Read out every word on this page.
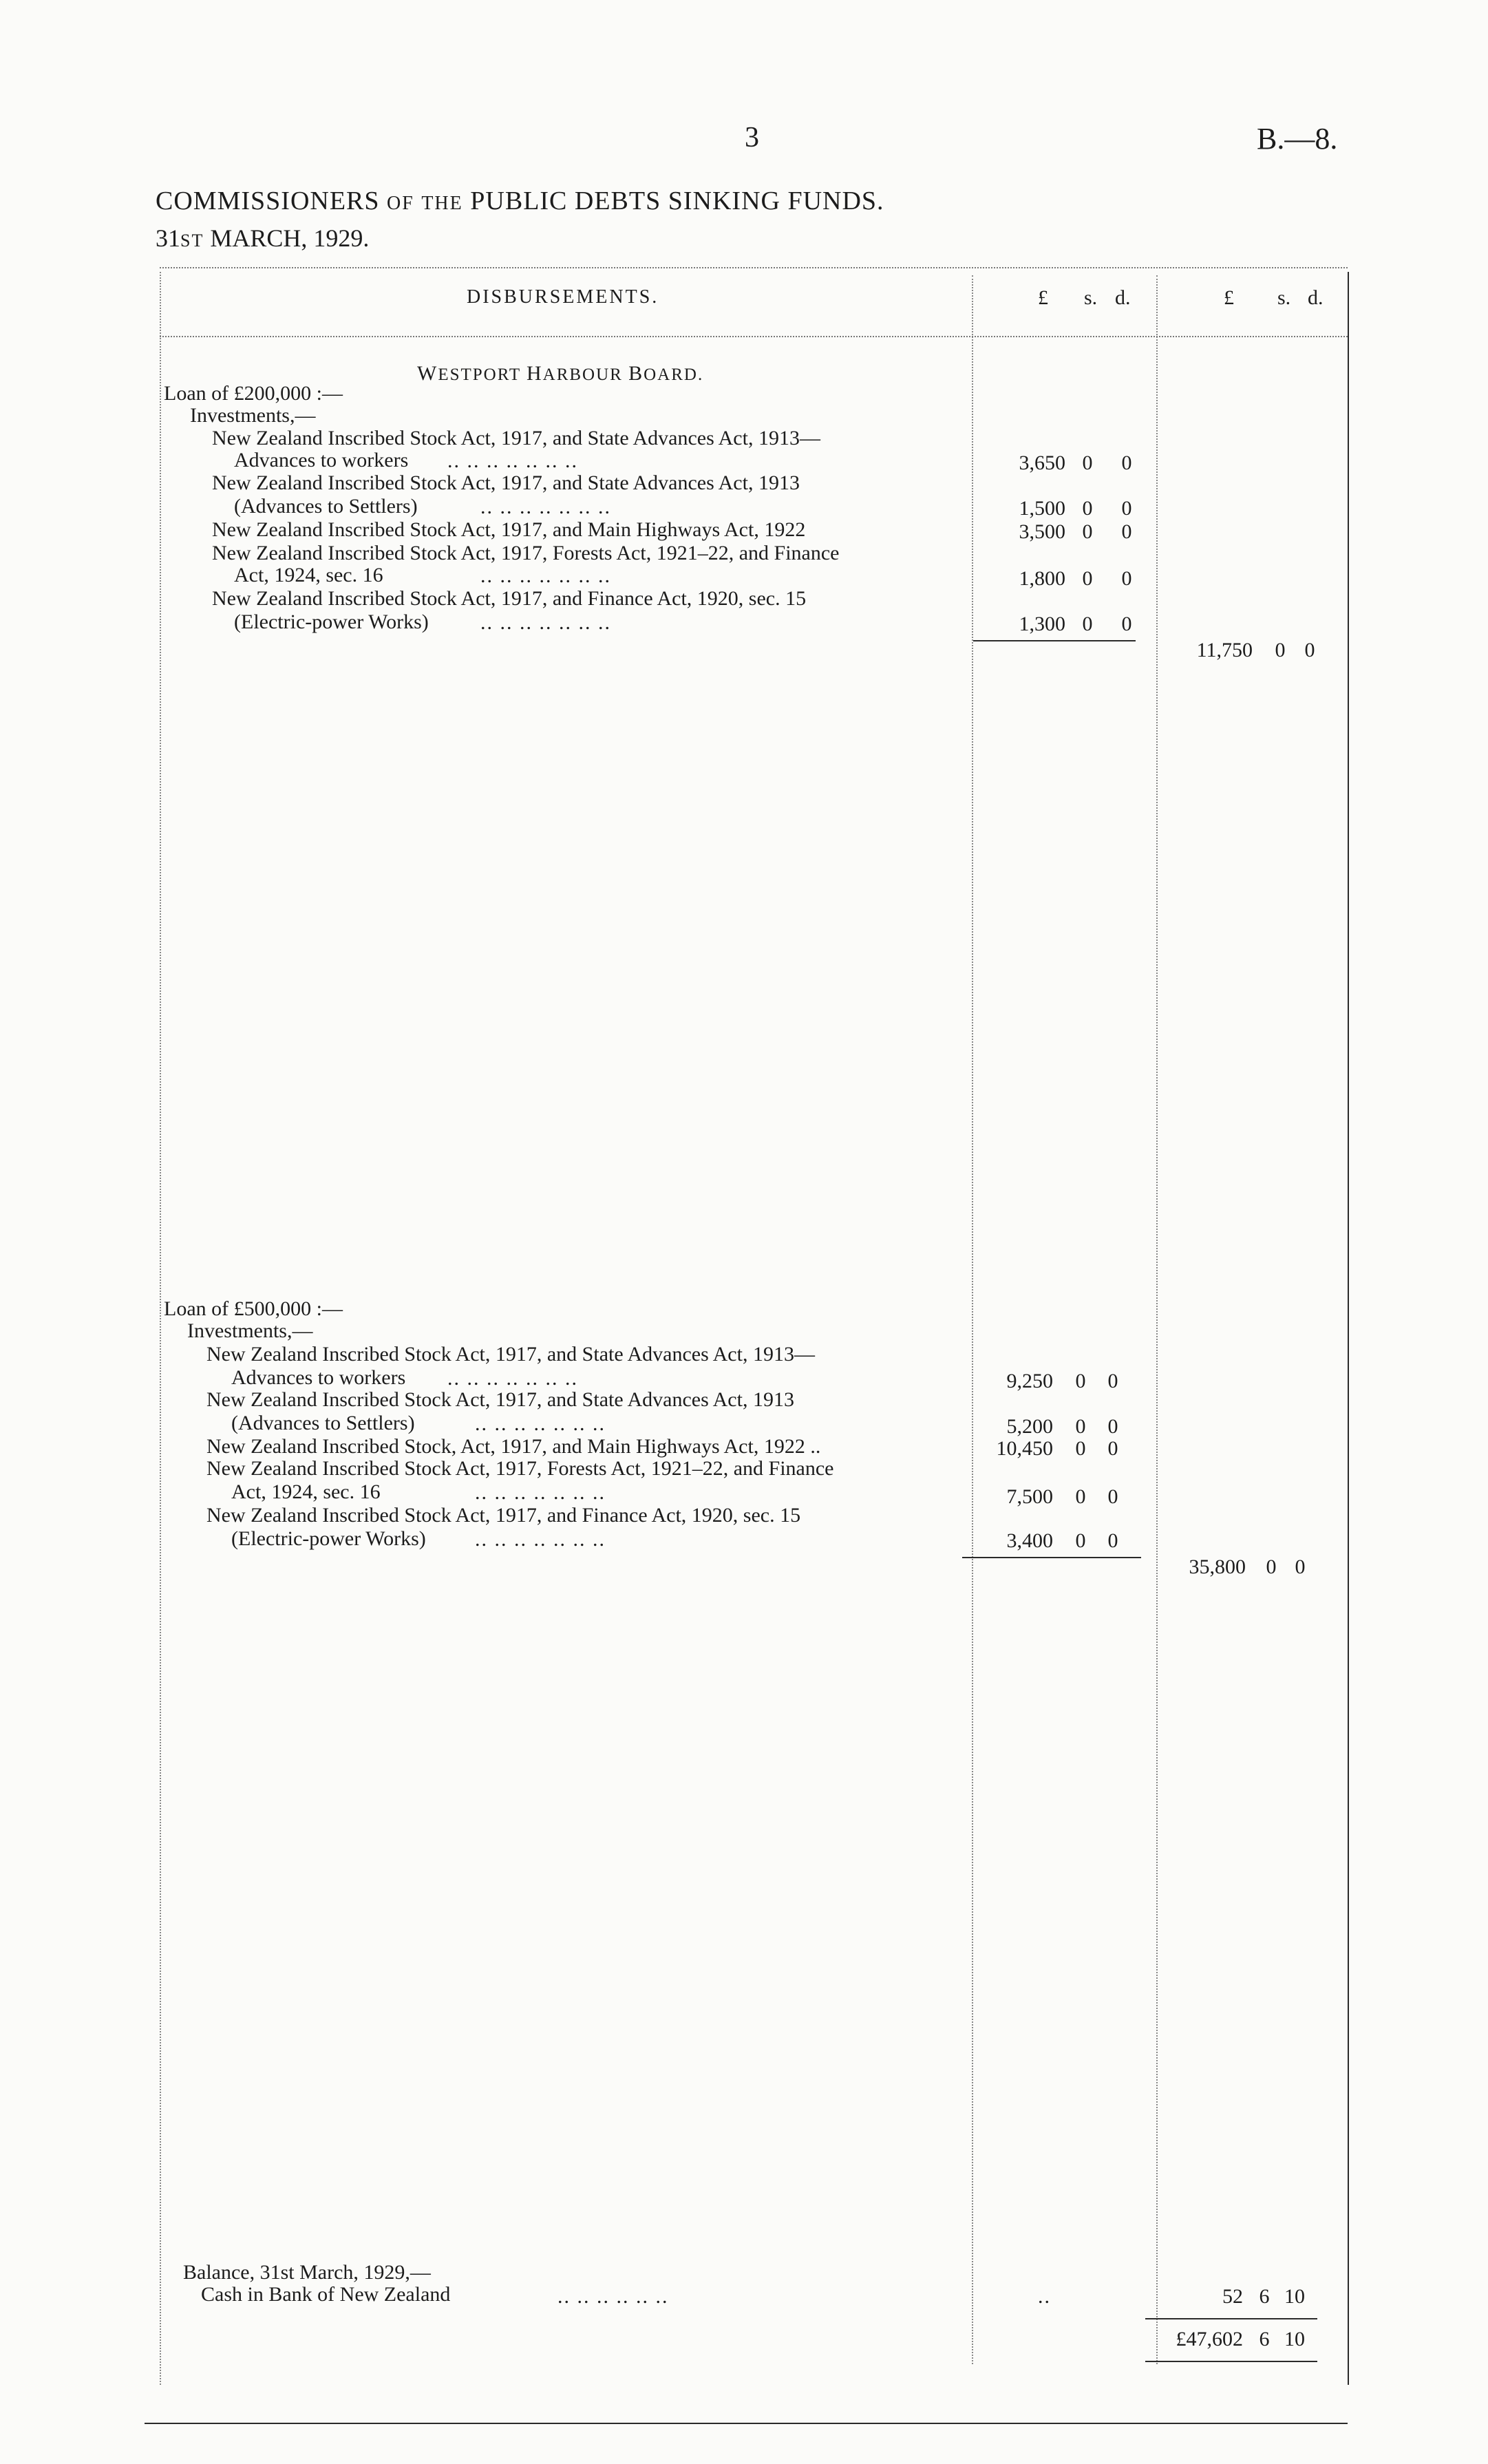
3	B.—8.
COMMISSIONERS OF THE PUBLIC DEBTS SINKING FUNDS.
31ST MARCH, 1929.
DISBURSEMENTS.	£ s. d.	£ s. d.
WESTPORT HARBOUR BOARD.
Loan of £200,000 :—
Investments,—
New Zealand Inscribed Stock Act, 1917, and State Advances Act, 1913—
Advances to workers .. .. .. .. .. .. ..	3,650 0 0
New Zealand Inscribed Stock Act, 1917, and State Advances Act, 1913
(Advances to Settlers)	.. .. .. .. .. .. ..	1,500 0 0
New Zealand Inscribed Stock Act, 1917, and Main Highways Act, 1922	3,500 0 0
New Zealand Inscribed Stock Act, 1917, Forests Act, 1921–22, and Finance
Act, 1924, sec. 16	.. .. .. .. .. .. ..	1,800 0 0
New Zealand Inscribed Stock Act, 1917, and Finance Act, 1920, sec. 15
(Electric-power Works)	.. .. .. .. .. .. ..	1,300 0 0
11,750 0 0
Loan of £500,000 :—
Investments,—
New Zealand Inscribed Stock Act, 1917, and State Advances Act, 1913—
Advances to workers .. .. .. .. .. .. ..	9,250 0 0
New Zealand Inscribed Stock Act, 1917, and State Advances Act, 1913
(Advances to Settlers)	.. .. .. .. .. .. ..	5,200 0 0
New Zealand Inscribed Stock, Act, 1917, and Main Highways Act, 1922 ..	10,450 0 0
New Zealand Inscribed Stock Act, 1917, Forests Act, 1921–22, and Finance
Act, 1924, sec. 16	.. .. .. .. .. .. ..	7,500 0 0
New Zealand Inscribed Stock Act, 1917, and Finance Act, 1920, sec. 15
(Electric-power Works) .. .. .. .. .. .. ..	3,400 0 0
35,800 0 0
Balance, 31st March, 1929,—
Cash in Bank of New Zealand	.. .. .. .. .. ..	..	52 6 10
£47,602 6 10
